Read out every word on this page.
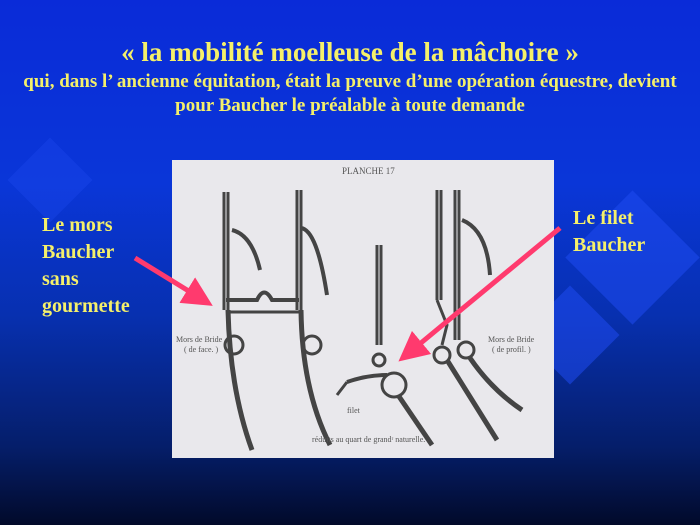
« la mobilité moelleuse de la mâchoire »
qui, dans l’ ancienne équitation, était la preuve d’une opération équestre, devient pour Baucher le préalable à toute demande
PLANCHE 17
Mors de Bride ( de face. )
filet
Mors de Bride ( de profil. )
réduits au quart de grandʳ naturelle.
Le mors
Baucher
sans
gourmette
Le filet
Baucher
